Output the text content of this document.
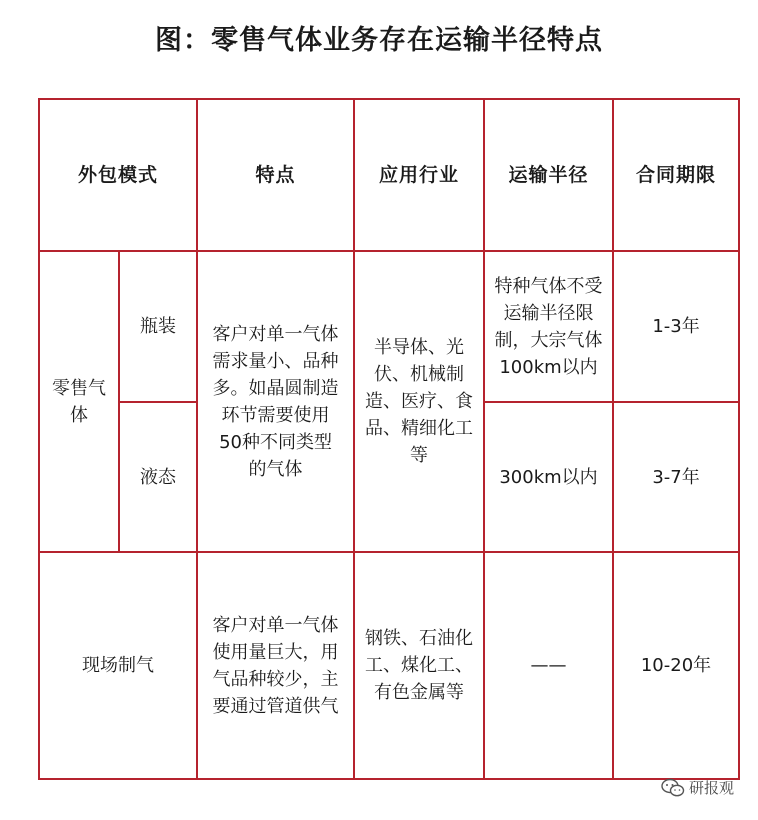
图：零售气体业务存在运输半径特点
外包模式		特点	应用行业	运输半径	合同期限
零售气体	瓶装	客户对单一气体需求量小、品种多。如晶圆制造环节需要使用50种不同类型的气体	半导体、光伏、机械制造、医疗、食品、精细化工等	特种气体不受运输半径限制，大宗气体100km以内	1-3年
	液态			300km以内	3-7年
现场制气		客户对单一气体使用量巨大，用气品种较少，主要通过管道供气	钢铁、石油化工、煤化工、有色金属等	——	10-20年
研报观
